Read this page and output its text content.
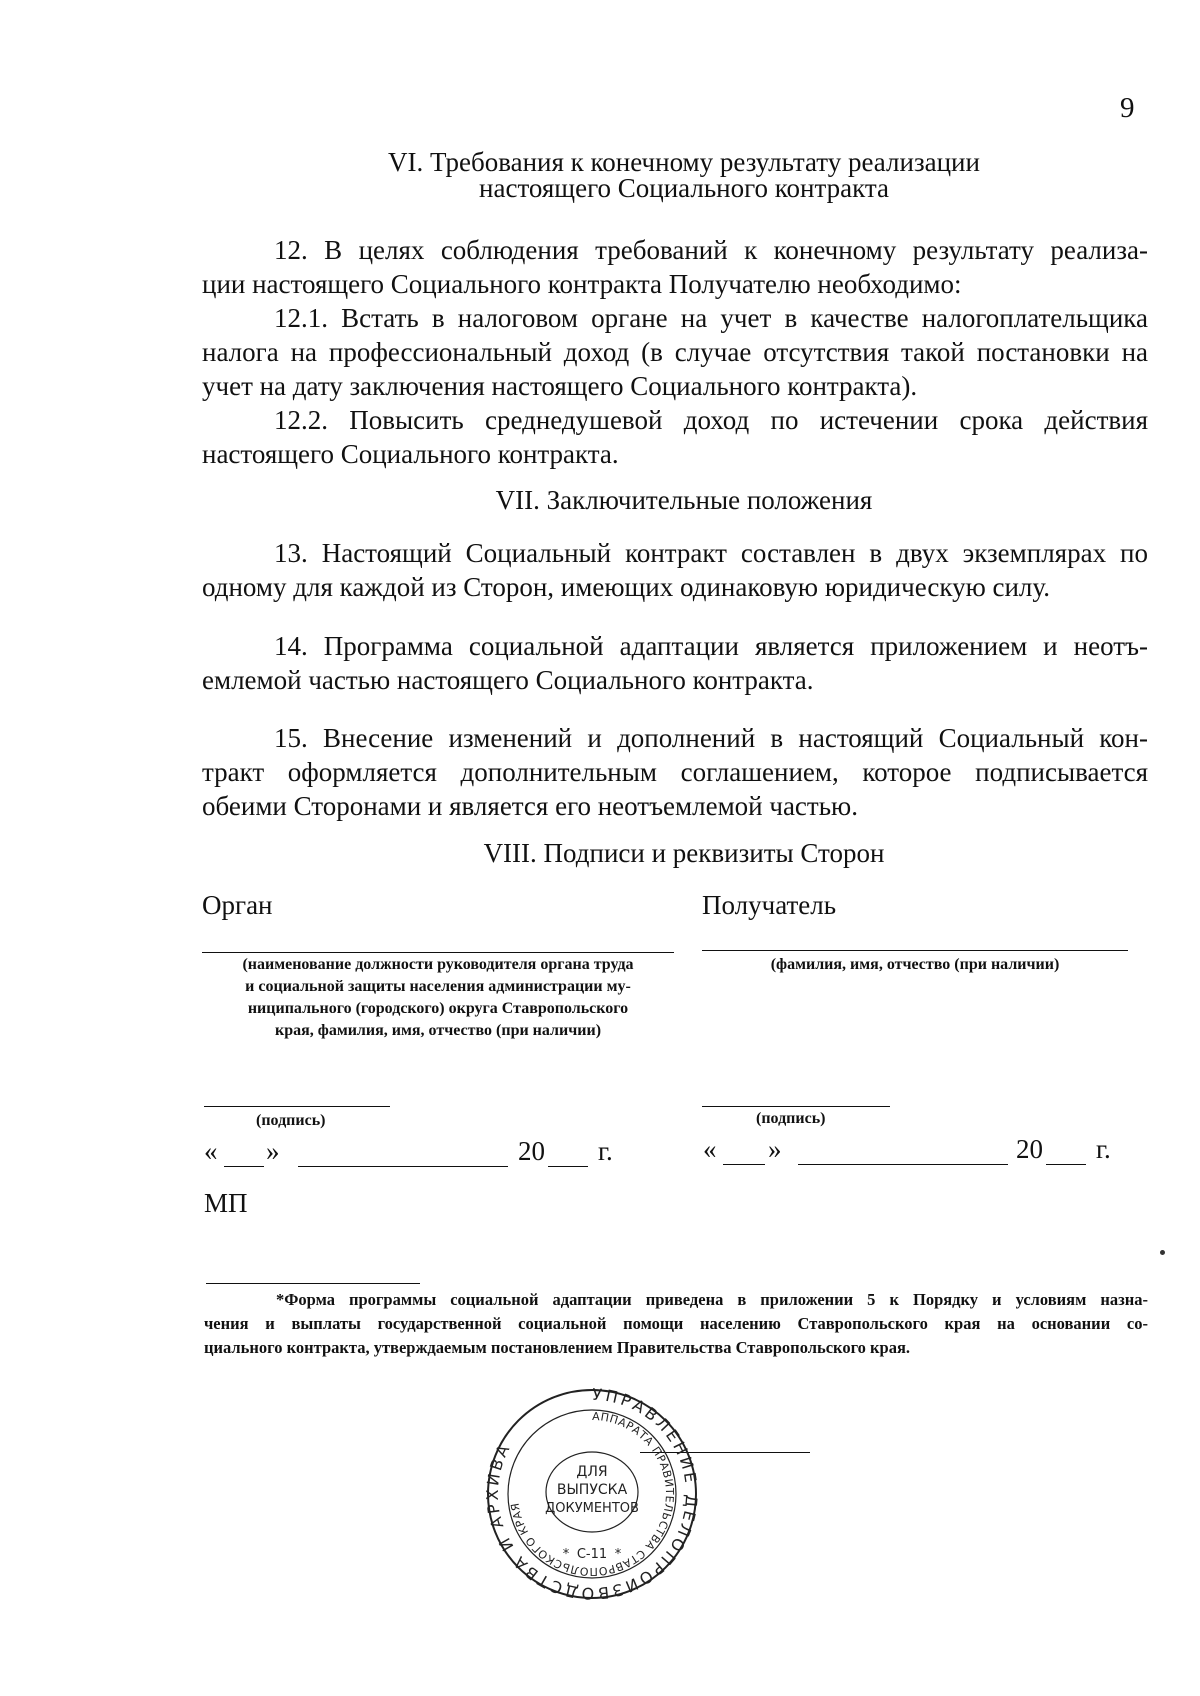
9
VI. Требования к конечному результату реализации
настоящего Социального контракта
12. В целях соблюдения требований к конечному результату реализа-
ции настоящего Социального контракта Получателю необходимо:
12.1. Встать в налоговом органе на учет в качестве налогоплательщика
налога на профессиональный доход (в случае отсутствия такой постановки на
учет на дату заключения настоящего Социального контракта).
12.2. Повысить среднедушевой доход по истечении срока действия
настоящего Социального контракта.
VII. Заключительные положения
13. Настоящий Социальный контракт составлен в двух экземплярах по
одному для каждой из Сторон, имеющих одинаковую юридическую силу.
14. Программа социальной адаптации является приложением и неотъ-
емлемой частью настоящего Социального контракта.
15. Внесение изменений и дополнений в настоящий Социальный кон-
тракт оформляется дополнительным соглашением, которое подписывается
обеими Сторонами и является его неотъемлемой частью.
VIII. Подписи и реквизиты Сторон
Орган	Получатель
(наименование должности руководителя органа труда
и социальной защиты населения администрации му-
ниципального (городского) округа Ставропольского
края, фамилия, имя, отчество (при наличии)
(фамилия, имя, отчество (при наличии)
(подпись)	(подпись)
« »	20 г.	« »	20 г.
МП
*Форма программы социальной адаптации приведена в приложении 5 к Порядку и условиям назна-
чения и выплаты государственной социальной помощи населению Ставропольского края на основании со-
циального контракта, утверждаемым постановлением Правительства Ставропольского края.
УПРАВЛЕНИЕ ДЕЛОПРОИЗВОДСТВА И АРХИВА
АППАРАТА ПРАВИТЕЛЬСТВА СТАВРОПОЛЬСКОГО КРАЯ
ДЛЯ
ВЫПУСКА
ДОКУМЕНТОВ
С-11
*	*
